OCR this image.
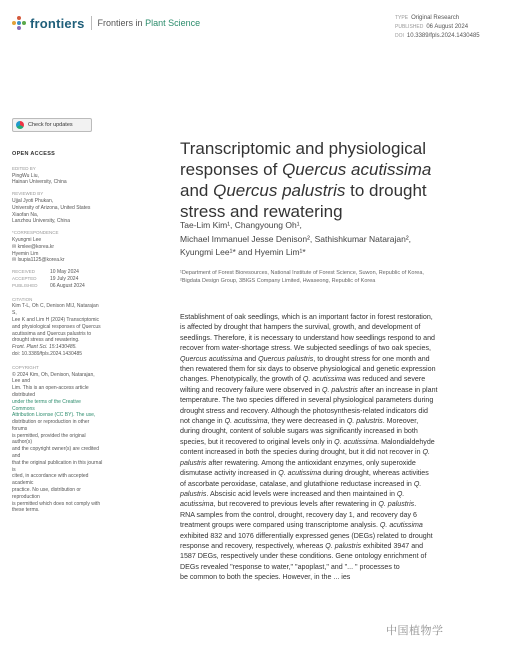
frontiers Frontiers in Plant Science	TYPE Original Research
PUBLISHED 06 August 2024
DOI 10.3389/fpls.2024.1430485
Check for updates
OPEN ACCESS
EDITED BY
PingWu Liu,
Hainan University, China
REVIEWED BY
Ujjal Jyoti Phukan,
University of Arizona, United States
Xiaofan Na,
Lanzhou University, China
*CORRESPONDENCE
Kyungmi Lee
✉ kmlee@korea.kr
Hyemin Lim
✉ lsupia1125@korea.kr
RECEIVED	10 May 2024
ACCEPTED	19 July 2024
PUBLISHED	06 August 2024
CITATION
Kim T-L, Oh C, Denison MIJ, Natarajan S,
Lee K and Lim H (2024) Transcriptomic
and physiological responses of Quercus
acutissima and Quercus palustris to
drought stress and rewatering.
Front. Plant Sci. 15:1430485.
doi: 10.3389/fpls.2024.1430485
COPYRIGHT
© 2024 Kim, Oh, Denison, Natarajan, Lee and
Lim. This is an open-access article distributed
under the terms of the Creative Commons
Attribution License (CC BY). The use,
distribution or reproduction in other forums
is permitted, provided the original author(s)
and the copyright owner(s) are credited and
that the original publication in this journal is
cited, in accordance with accepted academic
practice. No use, distribution or reproduction
is permitted which does not comply with
these terms.
Transcriptomic and physiological
responses of Quercus acutissima
and Quercus palustris to drought
stress and rewatering
Tae-Lim Kim¹, Changyoung Oh¹,
Michael Immanuel Jesse Denison², Sathishkumar Natarajan²,
Kyungmi Lee¹* and Hyemin Lim¹*
¹Department of Forest Bioresources, National Institute of Forest Science, Suwon, Republic of Korea,
²Bigdata Design Group, 3BIGS Company Limited, Hwaseong, Republic of Korea
Establishment of oak seedlings, which is an important factor in forest restoration,
is affected by drought that hampers the survival, growth, and development of
seedlings. Therefore, it is necessary to understand how seedlings respond to and
recover from water-shortage stress. We subjected seedlings of two oak species,
Quercus acutissima and Quercus palustris, to drought stress for one month and
then rewatered them for six days to observe physiological and genetic expression
changes. Phenotypically, the growth of Q. acutissima was reduced and severe
wilting and recovery failure were observed in Q. palustris after an increase in plant
temperature. The two species differed in several physiological parameters during
drought stress and recovery. Although the photosynthesis-related indicators did
not change in Q. acutissima, they were decreased in Q. palustris. Moreover,
during drought, content of soluble sugars was significantly increased in both
species, but it recovered to original levels only in Q. acutissima. Malondialdehyde
content increased in both the species during drought, but it did not recover in Q.
palustris after rewatering. Among the antioxidant enzymes, only superoxide
dismutase activity increased in Q. acutissima during drought, whereas activities
of ascorbate peroxidase, catalase, and glutathione reductase increased in Q.
palustris. Abscisic acid levels were increased and then maintained in Q.
acutissima, but recovered to previous levels after rewatering in Q. palustris.
RNA samples from the control, drought, recovery day 1, and recovery day 6
treatment groups were compared using transcriptome analysis. Q. acutissima
exhibited 832 and 1076 differentially expressed genes (DEGs) related to drought
response and recovery, respectively, whereas Q. palustris exhibited 3947 and
1587 DEGs, respectively under these conditions. Gene ontology enrichment of
DEGs revealed "response to water," "apoplast," and "... " processes to
be common to both the species. However, in the ... ies
中国植物学
